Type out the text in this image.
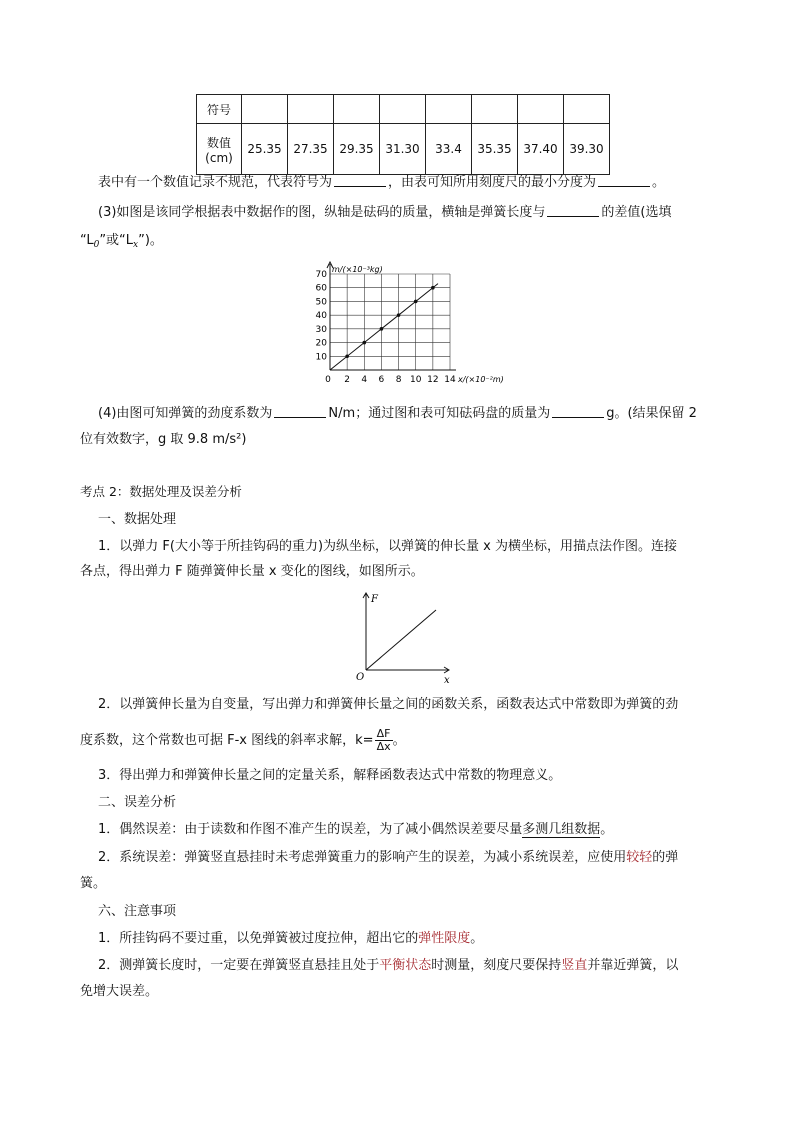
符号								

数值
(cm)	25.35	27.35	29.35	31.30	33.4	35.35	37.40	39.30
表中有一个数值记录不规范，代表符号为	，由表可知所用刻度尺的最小分度为	。
(3)如图是该同学根据表中数据作的图，纵轴是砝码的质量，横轴是弹簧长度与	的差值(选填
“$L_0$”或“$L_x$”)。
0 2 4 6 8 10 12 14
10
20
30
40
50
60
70
m/(×10⁻³kg)
x/(×10⁻²m)
(4)由图可知弹簧的劲度系数为	N/m；通过图和表可知砝码盘的质量为	g。(结果保留 2
位有效数字，g 取 9.8 m/s²)
考点 2：数据处理及误差分析
一、数据处理
1．以弹力 F(大小等于所挂钩码的重力)为纵坐标，以弹簧的伸长量 x 为横坐标，用描点法作图。连接
各点，得出弹力 F 随弹簧伸长量 x 变化的图线，如图所示。
F
x
O
2．以弹簧伸长量为自变量，写出弹力和弹簧伸长量之间的函数关系，函数表达式中常数即为弹簧的劲
度系数，这个常数也可据 F-x 图线的斜率求解，$k= \frac{\Delta F}{\Delta x}$ 。
3．得出弹力和弹簧伸长量之间的定量关系，解释函数表达式中常数的物理意义。
二、误差分析
1．偶然误差：由于读数和作图不准产生的误差，为了减小偶然误差要尽量多测几组数据。
2．系统误差：弹簧竖直悬挂时未考虑弹簧重力的影响产生的误差，为减小系统误差，应使用较轻的弹
簧。
六、注意事项
1．所挂钩码不要过重，以免弹簧被过度拉伸，超出它的弹性限度。
2．测弹簧长度时，一定要在弹簧竖直悬挂且处于平衡状态时测量，刻度尺要保持竖直并靠近弹簧，以
免增大误差。
